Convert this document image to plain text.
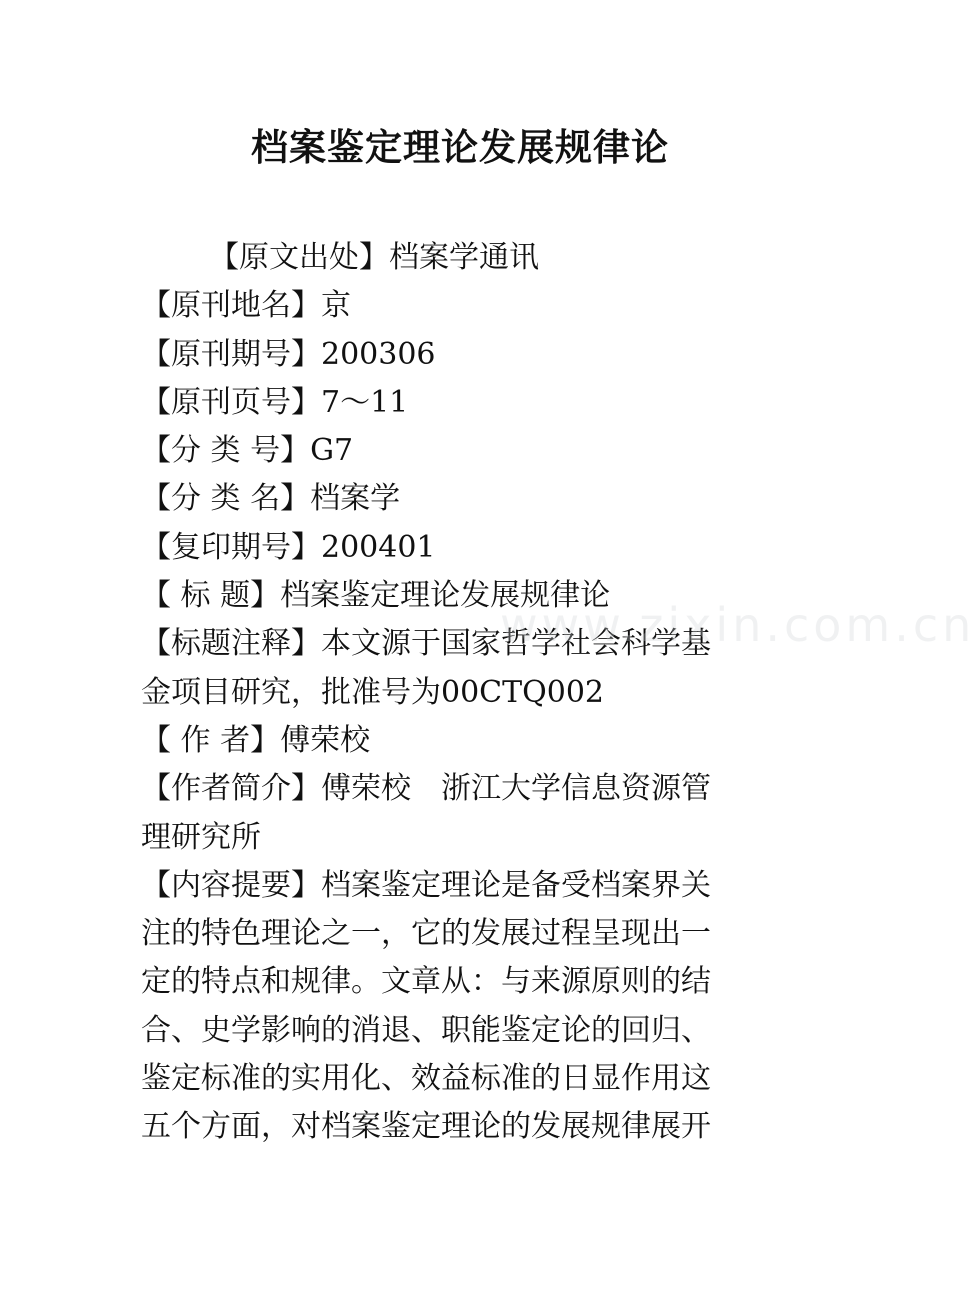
档案鉴定理论发展规律论
【原文出处】档案学通讯
【原刊地名】京
【原刊期号】200306
【原刊页号】7～11
【分 类 号】G7
【分 类 名】档案学
【复印期号】200401
【 标 题】档案鉴定理论发展规律论
【标题注释】本文源于国家哲学社会科学基
金项目研究，批准号为00CTQ002
【 作 者】傅荣校
【作者简介】傅荣校　浙江大学信息资源管
理研究所
【内容提要】档案鉴定理论是备受档案界关
注的特色理论之一，它的发展过程呈现出一
定的特点和规律。文章从：与来源原则的结
合、史学影响的消退、职能鉴定论的回归、
鉴定标准的实用化、效益标准的日显作用这
五个方面，对档案鉴定理论的发展规律展开
www.zixin.com.cn
